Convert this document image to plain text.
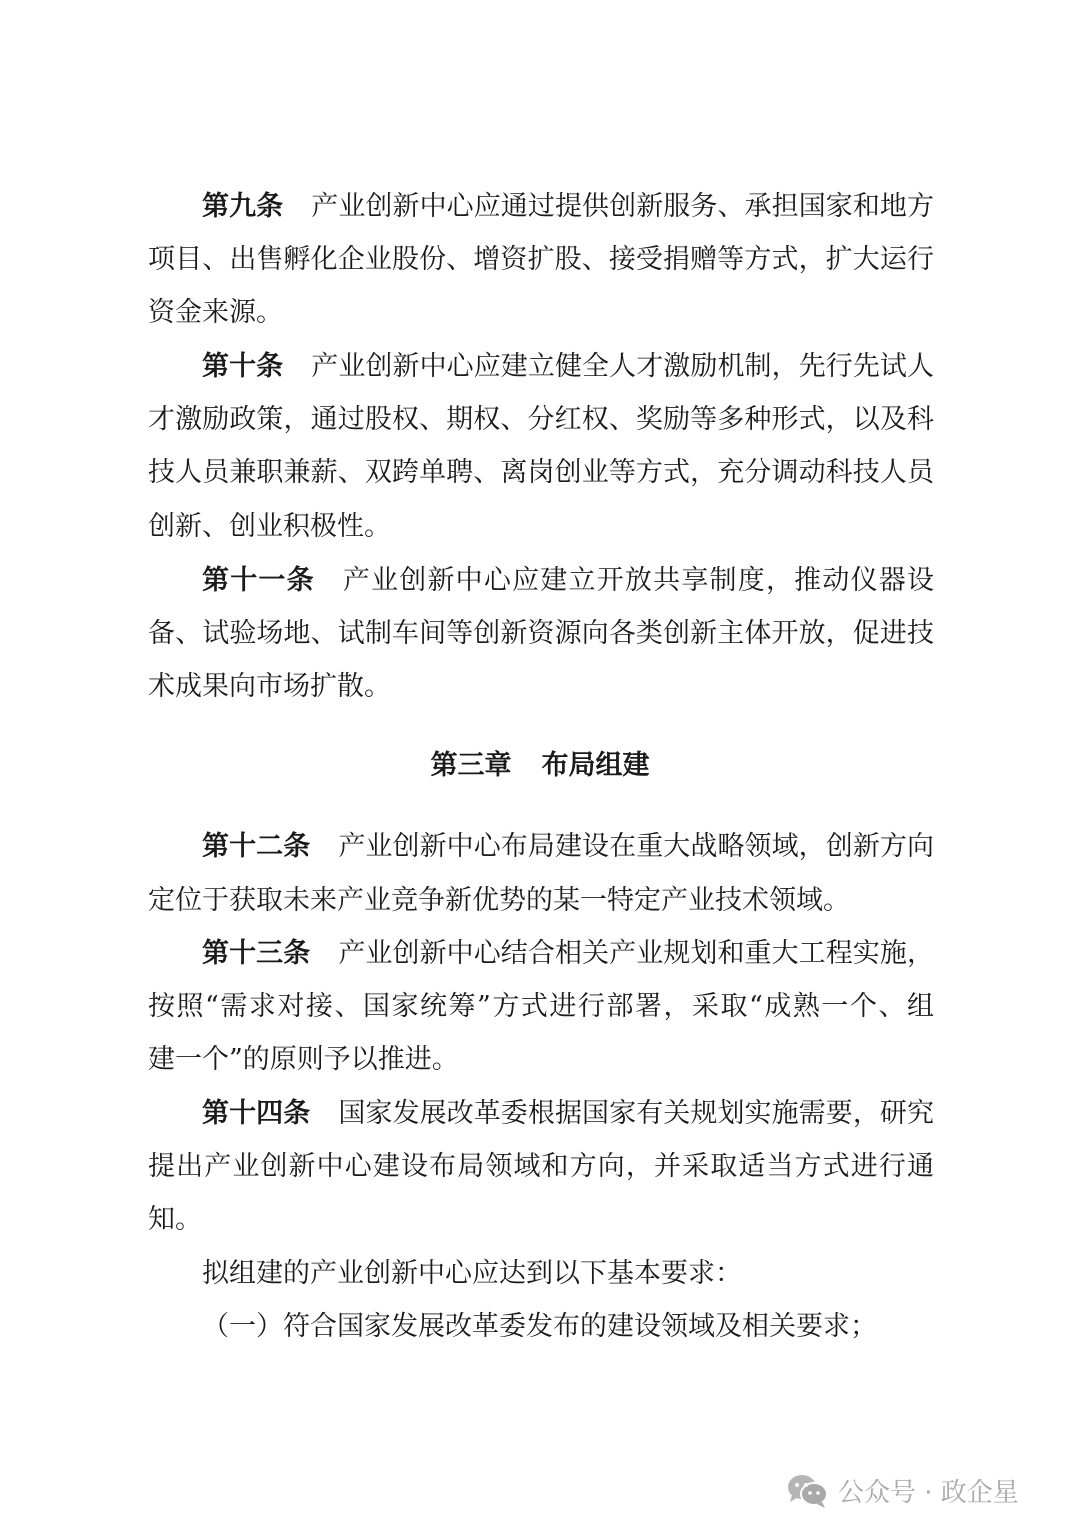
第九条 产业创新中心应通过提供创新服务、承担国家和地方
项目、出售孵化企业股份、增资扩股、接受捐赠等方式，扩大运行
资金来源。
第十条 产业创新中心应建立健全人才激励机制，先行先试人
才激励政策，通过股权、期权、分红权、奖励等多种形式，以及科
技人员兼职兼薪、双跨单聘、离岗创业等方式，充分调动科技人员
创新、创业积极性。
第十一条 产业创新中心应建立开放共享制度，推动仪器设
备、试验场地、试制车间等创新资源向各类创新主体开放，促进技
术成果向市场扩散。
第三章 布局组建
第十二条 产业创新中心布局建设在重大战略领域，创新方向
定位于获取未来产业竞争新优势的某一特定产业技术领域。
第十三条 产业创新中心结合相关产业规划和重大工程实施，
按照“需求对接、国家统筹”方式进行部署，采取“成熟一个、组
建一个”的原则予以推进。
第十四条 国家发展改革委根据国家有关规划实施需要，研究
提出产业创新中心建设布局领域和方向，并采取适当方式进行通
知。
拟组建的产业创新中心应达到以下基本要求：
（一）符合国家发展改革委发布的建设领域及相关要求；
公众号 · 政企星
